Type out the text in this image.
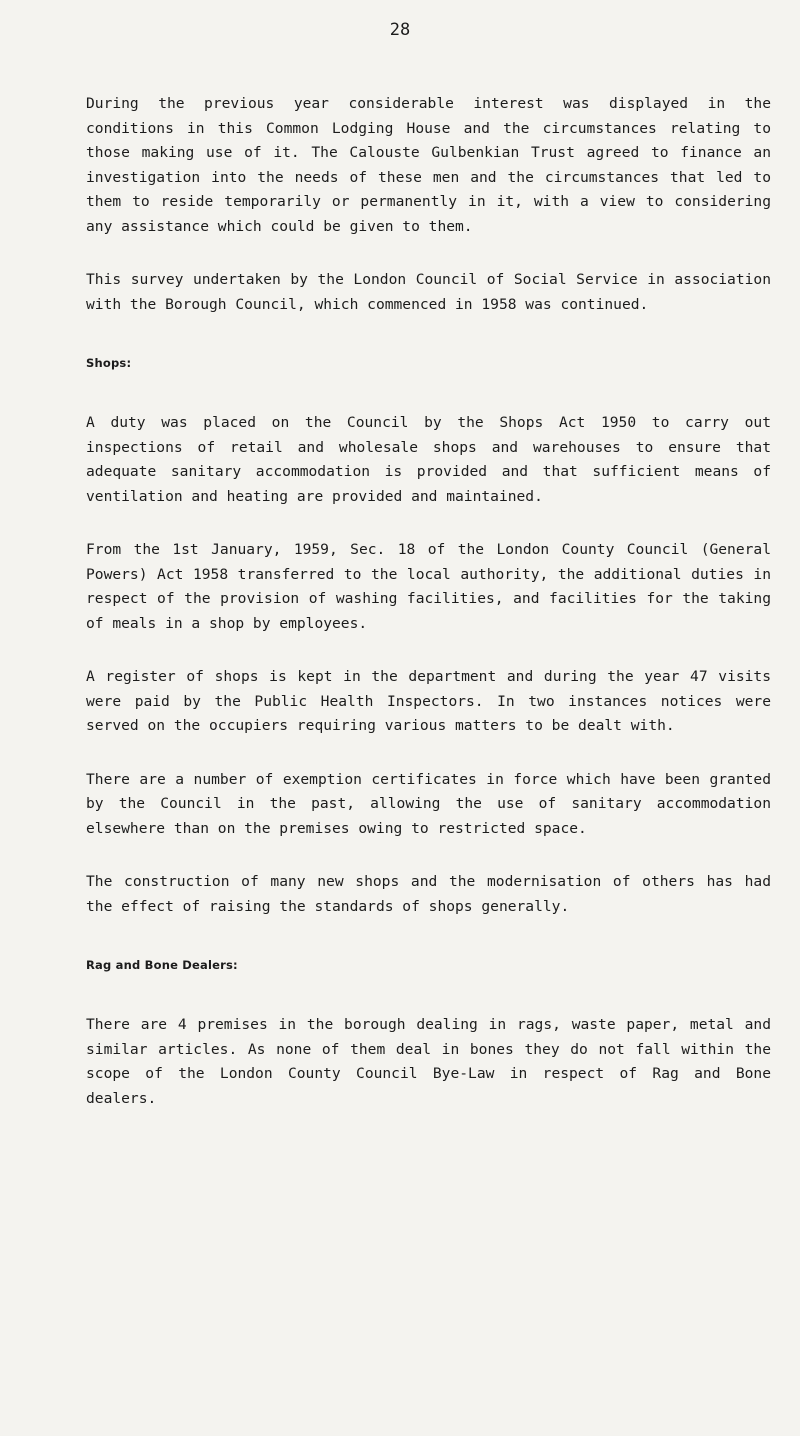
28

During the previous year considerable interest was displayed in the conditions in this Common Lodging House and the circumstances relating to those making use of it. The Calouste Gulbenkian Trust agreed to finance an investigation into the needs of these men and the circumstances that led to them to reside temporarily or permanently in it, with a view to considering any assistance which could be given to them.

This survey undertaken by the London Council of Social Service in association with the Borough Council, which commenced in 1958 was continued.

Shops:

A duty was placed on the Council by the Shops Act 1950 to carry out inspections of retail and wholesale shops and warehouses to ensure that adequate sanitary accommodation is provided and that sufficient means of ventilation and heating are provided and maintained.

From the 1st January, 1959, Sec. 18 of the London County Council (General Powers) Act 1958 transferred to the local authority, the additional duties in respect of the provision of washing facilities, and facilities for the taking of meals in a shop by employees.

A register of shops is kept in the department and during the year 47 visits were paid by the Public Health Inspectors. In two instances notices were served on the occupiers requiring various matters to be dealt with.

There are a number of exemption certificates in force which have been granted by the Council in the past, allowing the use of sanitary accommodation elsewhere than on the premises owing to restricted space.

The construction of many new shops and the modernisation of others has had the effect of raising the standards of shops generally.

Rag and Bone Dealers:

There are 4 premises in the borough dealing in rags, waste paper, metal and similar articles. As none of them deal in bones they do not fall within the scope of the London County Council Bye-Law in respect of Rag and Bone dealers.
